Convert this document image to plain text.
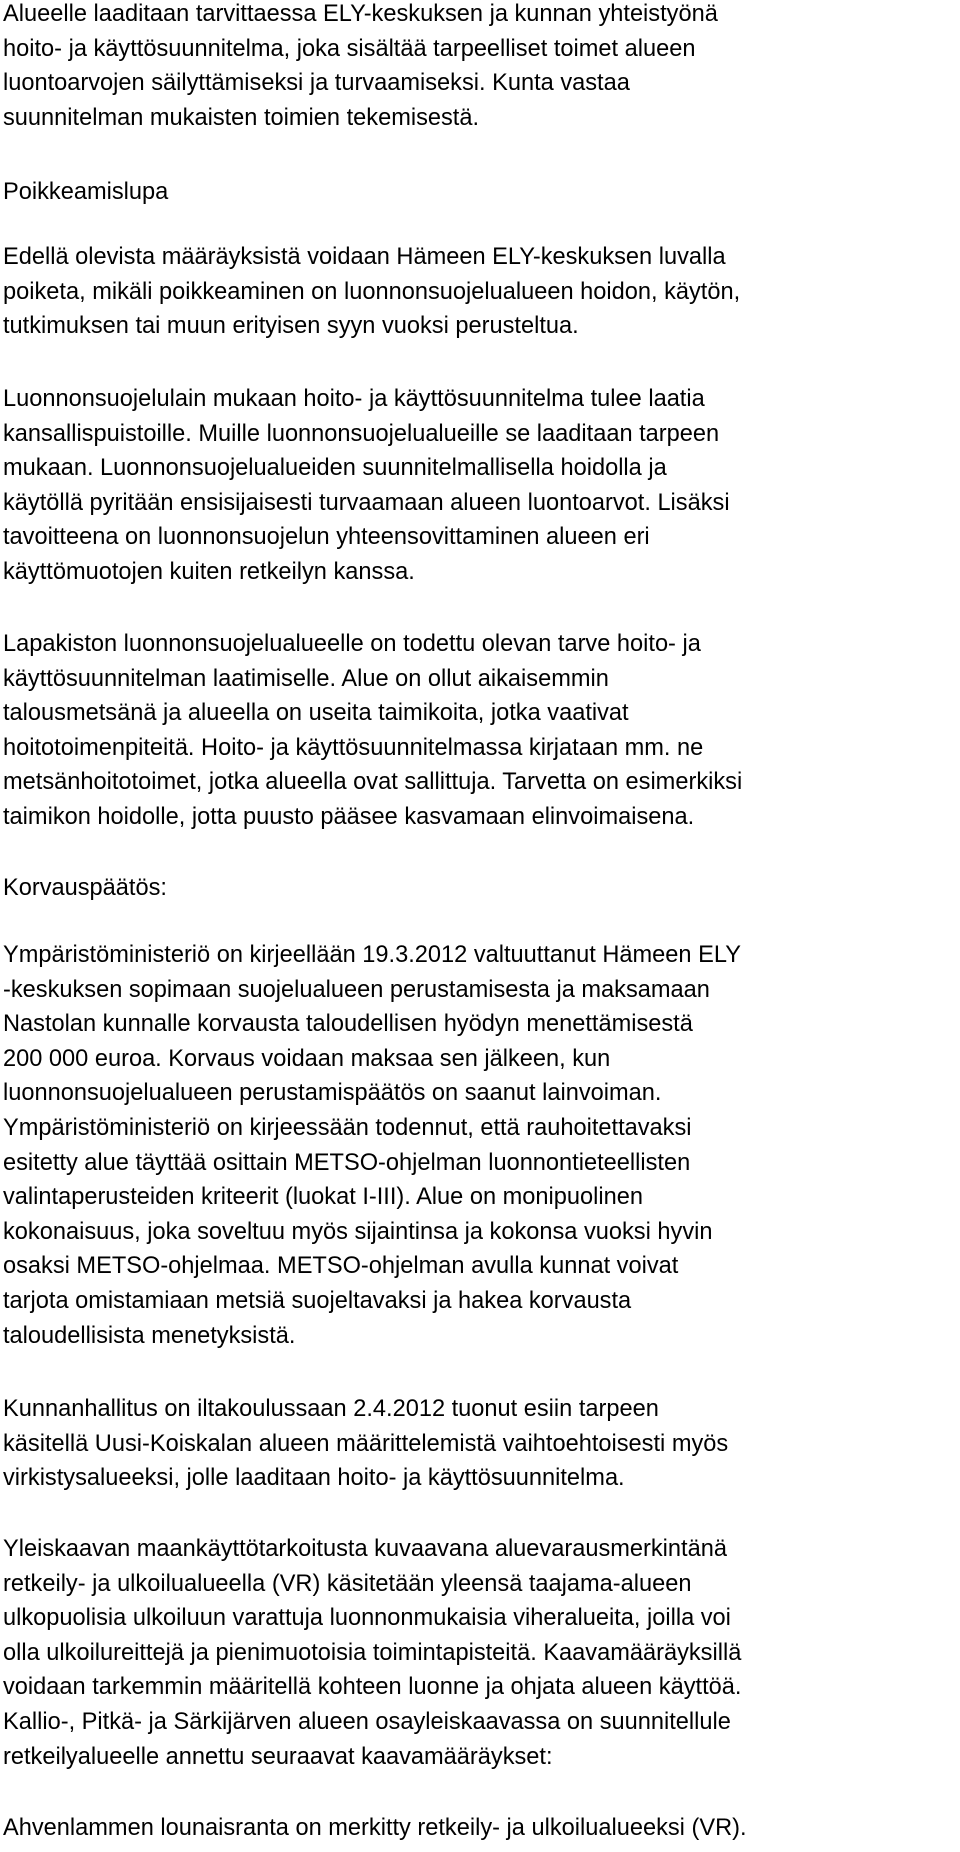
Alueelle laaditaan tarvittaessa ELY-keskuksen ja kunnan yhteistyönä
hoito- ja käyttösuunnitelma, joka sisältää tarpeelliset toimet alueen
luontoarvojen säilyttämiseksi ja turvaamiseksi. Kunta vastaa
suunnitelman mukaisten toimien tekemisestä.
Poikkeamislupa
Edellä olevista määräyksistä voidaan Hämeen ELY-keskuksen luvalla
poiketa, mikäli poikkeaminen on luonnonsuojelualueen hoidon, käytön,
tutkimuksen tai muun erityisen syyn vuoksi perusteltua.
Luonnonsuojelulain mukaan hoito- ja käyttösuunnitelma tulee laatia
kansallispuistoille. Muille luonnonsuojelualueille se laaditaan tarpeen
mukaan. Luonnonsuojelualueiden suunnitelmallisella hoidolla ja
käytöllä pyritään ensisijaisesti turvaamaan alueen luontoarvot. Lisäksi
tavoitteena on luonnonsuojelun yhteensovittaminen alueen eri
käyttömuotojen kuiten retkeilyn kanssa.
Lapakiston luonnonsuojelualueelle on todettu olevan tarve hoito- ja
käyttösuunnitelman laatimiselle. Alue on ollut aikaisemmin
talousmetsänä ja alueella on useita taimikoita, jotka vaativat
hoitotoimenpiteitä. Hoito- ja käyttösuunnitelmassa kirjataan mm. ne
metsänhoitotoimet, jotka alueella ovat sallittuja. Tarvetta on esimerkiksi
taimikon hoidolle, jotta puusto pääsee kasvamaan elinvoimaisena.
Korvauspäätös:
Ympäristöministeriö on kirjeellään 19.3.2012 valtuuttanut Hämeen ELY
-keskuksen sopimaan suojelualueen perustamisesta ja maksamaan
Nastolan kunnalle korvausta taloudellisen hyödyn menettämisestä
200 000 euroa. Korvaus voidaan maksaa sen jälkeen, kun
luonnonsuojelualueen perustamispäätös on saanut lainvoiman.
Ympäristöministeriö on kirjeessään todennut, että rauhoitettavaksi
esitetty alue täyttää osittain METSO-ohjelman luonnontieteellisten
valintaperusteiden kriteerit (luokat I-III). Alue on monipuolinen
kokonaisuus, joka soveltuu myös sijaintinsa ja kokonsa vuoksi hyvin
osaksi METSO-ohjelmaa. METSO-ohjelman avulla kunnat voivat
tarjota omistamiaan metsiä suojeltavaksi ja hakea korvausta
taloudellisista menetyksistä.
Kunnanhallitus on iltakoulussaan 2.4.2012 tuonut esiin tarpeen
käsitellä Uusi-Koiskalan alueen määrittelemistä vaihtoehtoisesti myös
virkistysalueeksi, jolle laaditaan hoito- ja käyttösuunnitelma.
Yleiskaavan maankäyttötarkoitusta kuvaavana aluevarausmerkintänä
retkeily- ja ulkoilualueella (VR) käsitetään yleensä taajama-alueen
ulkopuolisia ulkoiluun varattuja luonnonmukaisia viheralueita, joilla voi
olla ulkoilureittejä ja pienimuotoisia toimintapisteitä. Kaavamääräyksillä
voidaan tarkemmin määritellä kohteen luonne ja ohjata alueen käyttöä.
Kallio-, Pitkä- ja Särkijärven alueen osayleiskaavassa on suunnitellule
retkeilyalueelle annettu seuraavat kaavamääräykset:
Ahvenlammen lounaisranta on merkitty retkeily- ja ulkoilualueeksi (VR).
